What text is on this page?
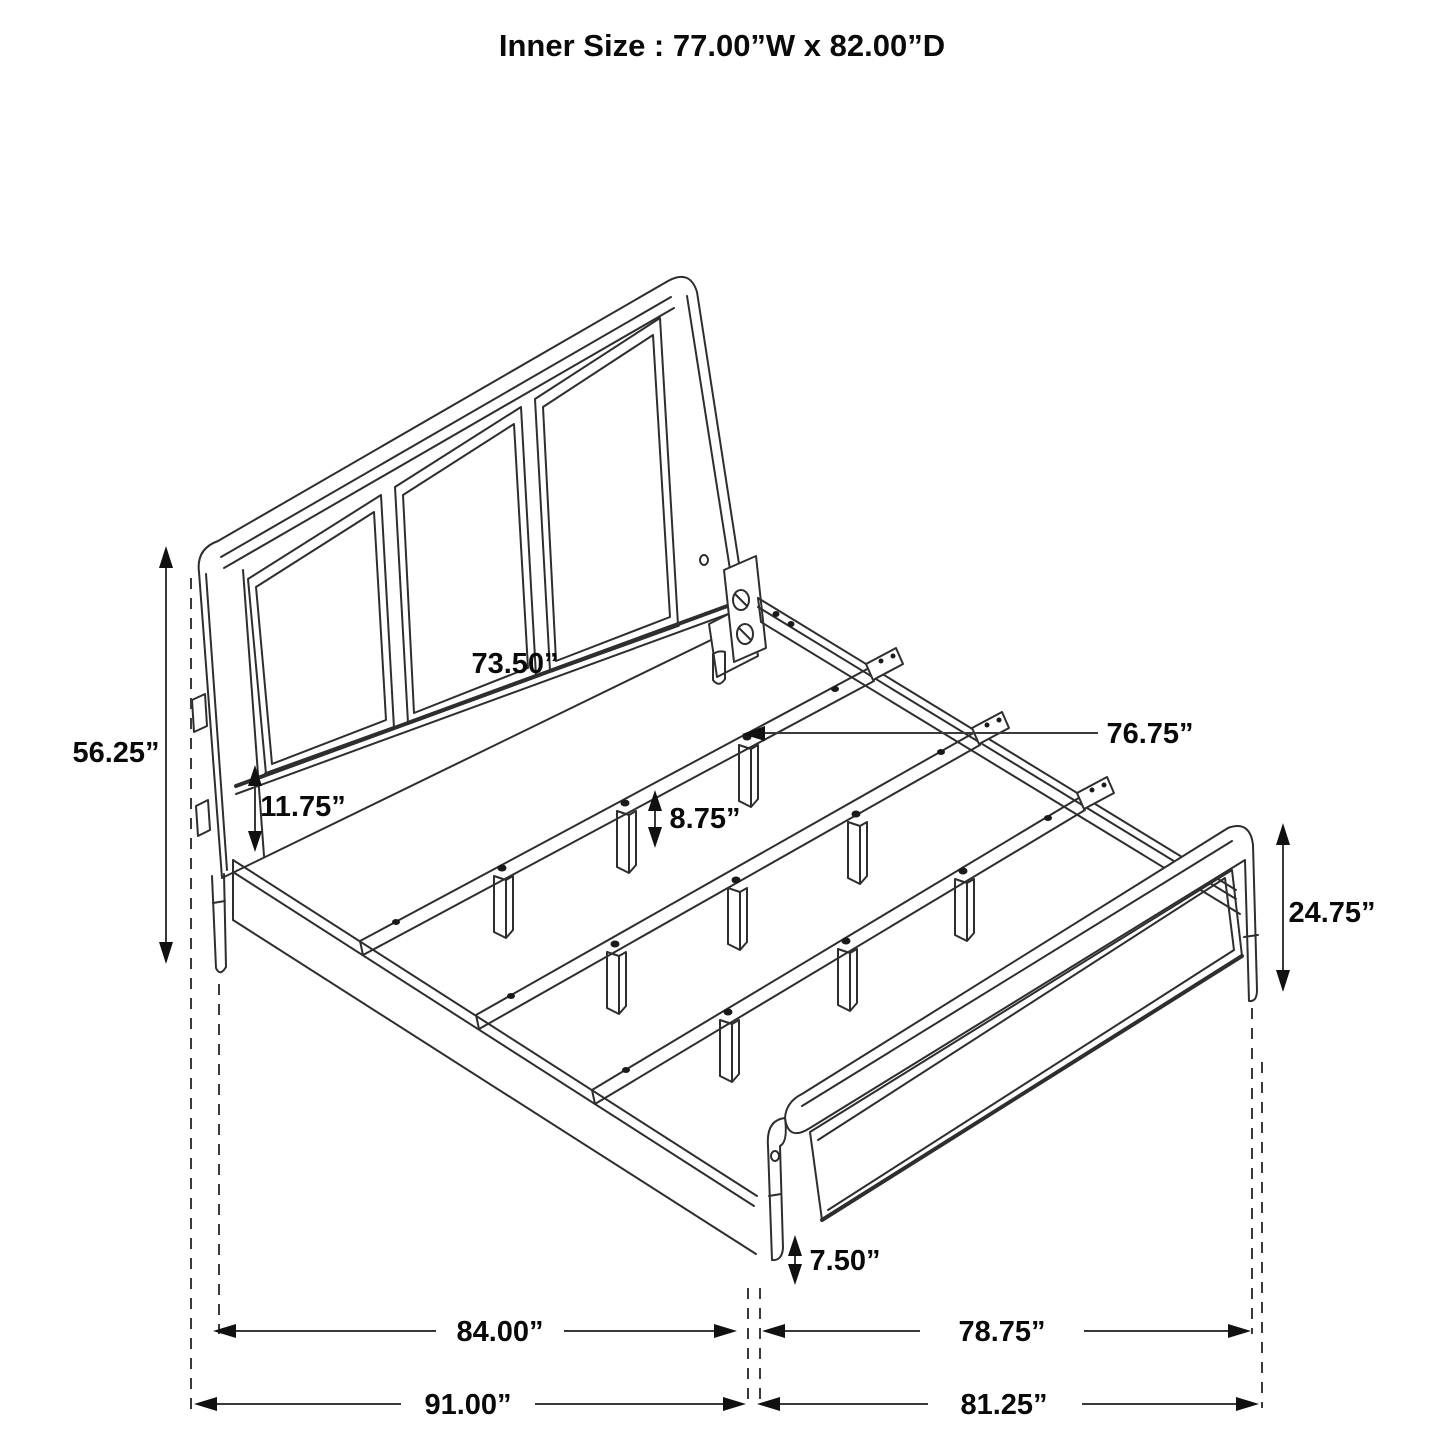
Inner Size : 77.00”W x 82.00”D
56.25”
11.75”
73.50”
76.75”
8.75”
24.75”
7.50”
84.00”	78.75”
91.00”	81.25”
